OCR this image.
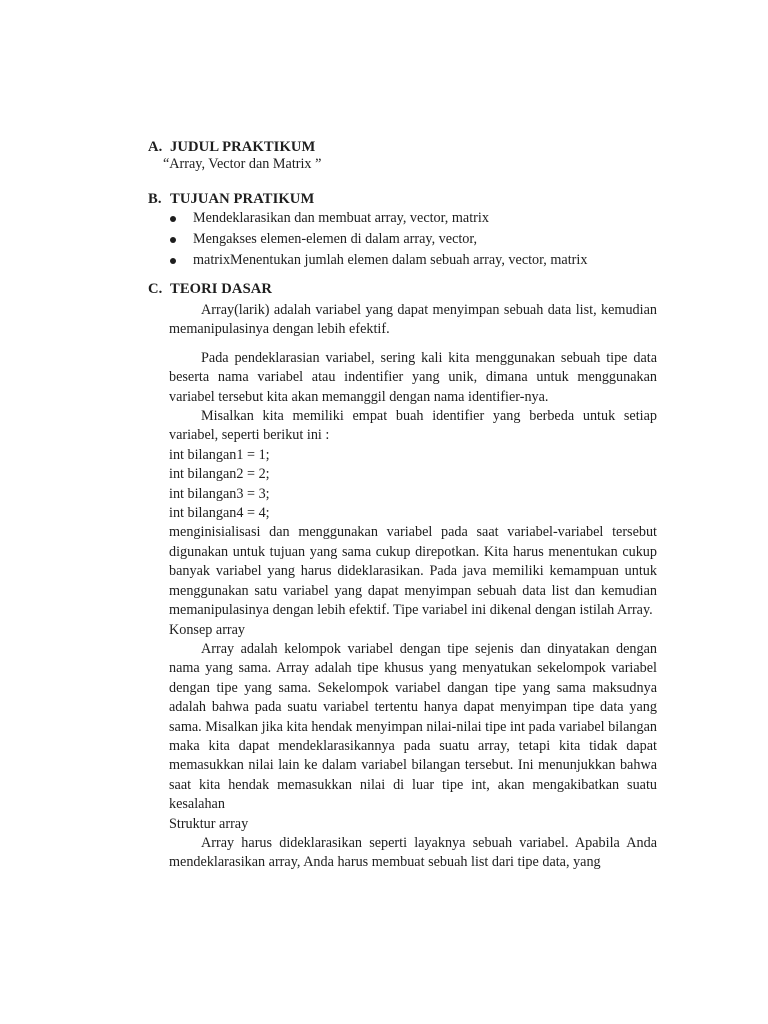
A. JUDUL PRAKTIKUM
“Array, Vector dan Matrix ”
B. TUJUAN PRATIKUM
Mendeklarasikan dan membuat array, vector, matrix
Mengakses elemen-elemen di dalam array, vector,
matrixMenentukan jumlah elemen dalam sebuah array, vector, matrix
C. TEORI DASAR

Array(larik) adalah variabel yang dapat menyimpan sebuah data list, kemudian memanipulasinya dengan lebih efektif.

Pada pendeklarasian variabel, sering kali kita menggunakan sebuah tipe data beserta nama variabel atau indentifier yang unik, dimana untuk menggunakan variabel tersebut kita akan memanggil dengan nama identifier-nya.

Misalkan kita memiliki empat buah identifier yang berbeda untuk setiap variabel, seperti berikut ini :

int bilangan1 = 1;

int bilangan2 = 2;

int bilangan3 = 3;

int bilangan4 = 4;

menginisialisasi dan menggunakan variabel pada saat variabel-variabel tersebut digunakan untuk tujuan yang sama cukup direpotkan. Kita harus menentukan cukup banyak variabel yang harus dideklarasikan. Pada java memiliki kemampuan untuk menggunakan satu variabel yang dapat menyimpan sebuah data list dan kemudian memanipulasinya dengan lebih efektif. Tipe variabel ini dikenal dengan istilah Array.

Konsep array

Array adalah kelompok variabel dengan tipe sejenis dan dinyatakan dengan nama yang sama. Array adalah tipe khusus yang menyatukan sekelompok variabel dengan tipe yang sama. Sekelompok variabel dangan tipe yang sama maksudnya adalah bahwa pada suatu variabel tertentu hanya dapat menyimpan tipe data yang sama. Misalkan jika kita hendak menyimpan nilai-nilai tipe int pada variabel bilangan maka kita dapat mendeklarasikannya pada suatu array, tetapi kita tidak dapat memasukkan nilai lain ke dalam variabel bilangan tersebut. Ini menunjukkan bahwa saat kita hendak memasukkan nilai di luar tipe int, akan mengakibatkan suatu kesalahan

Struktur array

Array harus dideklarasikan seperti layaknya sebuah variabel. Apabila Anda mendeklarasikan array, Anda harus membuat sebuah list dari tipe data, yang
